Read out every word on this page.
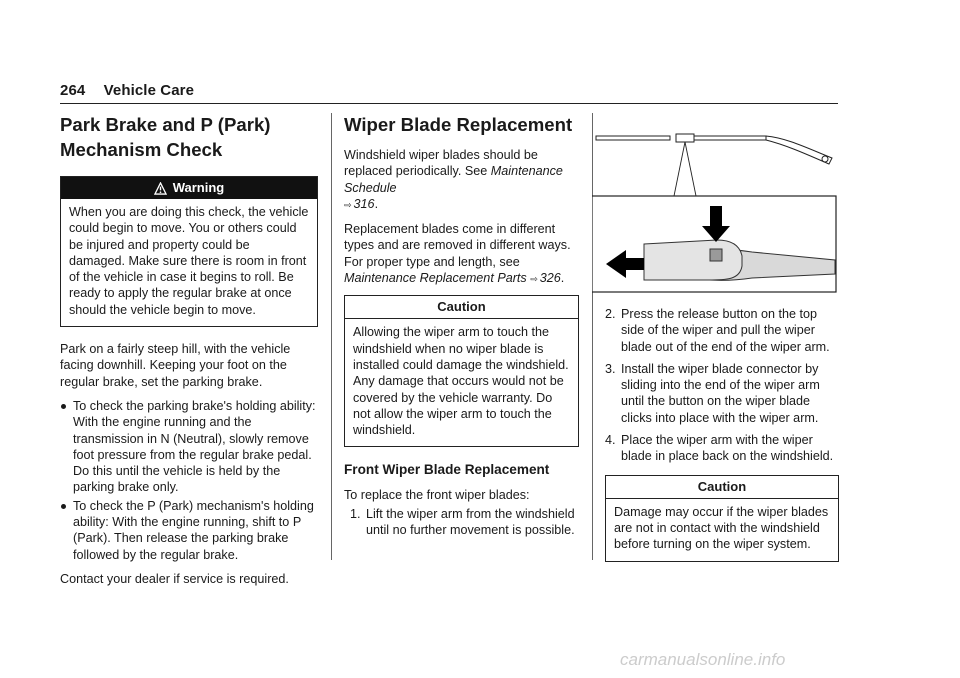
264 Vehicle Care
Park Brake and P (Park) Mechanism Check
Warning
When you are doing this check, the vehicle could begin to move. You or others could be injured and property could be damaged. Make sure there is room in front of the vehicle in case it begins to roll. Be ready to apply the regular brake at once should the vehicle begin to move.

Park on a fairly steep hill, with the vehicle facing downhill. Keeping your foot on the regular brake, set the parking brake.

To check the parking brake's holding ability: With the engine running and the transmission in N (Neutral), slowly remove foot pressure from the regular brake pedal. Do this until the vehicle is held by the parking brake only.
To check the P (Park) mechanism's holding ability: With the engine running, shift to P (Park). Then release the parking brake followed by the regular brake.

Contact your dealer if service is required.

Wiper Blade Replacement

Windshield wiper blades should be replaced periodically. See Maintenance Schedule
⇨ 316.

Replacement blades come in different types and are removed in different ways. For proper type and length, see Maintenance Replacement Parts ⇨ 326.

Caution
Allowing the wiper arm to touch the windshield when no wiper blade is installed could damage the windshield. Any damage that occurs would not be covered by the vehicle warranty. Do not allow the wiper arm to touch the windshield.
Front Wiper Blade Replacement

To replace the front wiper blades:

1. Lift the wiper arm from the windshield until no further movement is possible.
2. Press the release button on the top side of the wiper and pull the wiper blade out of the end of the wiper arm.
3. Install the wiper blade connector by sliding into the end of the wiper arm until the button on the wiper blade clicks into place with the wiper arm.
4. Place the wiper arm with the wiper blade in place back on the windshield.
Caution
Damage may occur if the wiper blades are not in contact with the windshield before turning on the wiper system.
carmanualsonline.info
